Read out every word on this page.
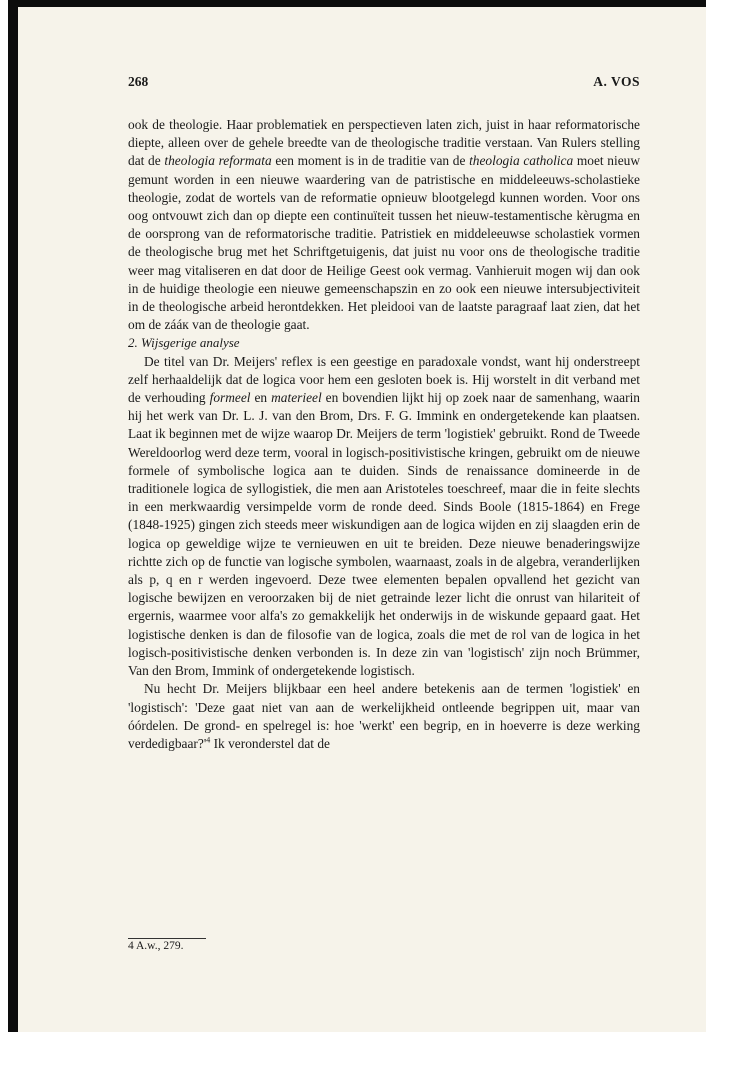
268	A. VOS

ook de theologie. Haar problematiek en perspectieven laten zich, juist in haar reformatorische diepte, alleen over de gehele breedte van de theologische traditie verstaan. Van Rulers stelling dat de theologia reformata een moment is in de traditie van de theologia catholica moet nieuw gemunt worden in een nieuwe waardering van de patristische en middeleeuws-scholastieke theologie, zodat de wortels van de reformatie opnieuw blootgelegd kunnen worden. Voor ons oog ontvouwt zich dan op diepte een continuïteit tussen het nieuw-testamentische kèrugma en de oorsprong van de reformatorische traditie. Patristiek en middeleeuwse scholastiek vormen de theologische brug met het Schriftgetuigenis, dat juist nu voor ons de theologische traditie weer mag vitaliseren en dat door de Heilige Geest ook vermag. Vanhieruit mogen wij dan ook in de huidige theologie een nieuwe gemeenschapszin en zo ook een nieuwe intersubjectiviteit in de theologische arbeid herontdekken. Het pleidooi van de laatste paragraaf laat zien, dat het om de zááк van de theologie gaat.

2. Wijsgerige analyse

De titel van Dr. Meijers' reflex is een geestige en paradoxale vondst, want hij onderstreept zelf herhaaldelijk dat de logica voor hem een gesloten boek is. Hij worstelt in dit verband met de verhouding formeel en materieel en bovendien lijkt hij op zoek naar de samenhang, waarin hij het werk van Dr. L. J. van den Brom, Drs. F. G. Immink en ondergetekende kan plaatsen. Laat ik beginnen met de wijze waarop Dr. Meijers de term 'logistiek' gebruikt. Rond de Tweede Wereldoorlog werd deze term, vooral in logisch-positivistische kringen, gebruikt om de nieuwe formele of symbolische logica aan te duiden. Sinds de renaissance domineerde in de traditionele logica de syllogistiek, die men aan Aristoteles toeschreef, maar die in feite slechts in een merkwaardig versimpelde vorm de ronde deed. Sinds Boole (1815-1864) en Frege (1848-1925) gingen zich steeds meer wiskundigen aan de logica wijden en zij slaagden erin de logica op geweldige wijze te vernieuwen en uit te breiden. Deze nieuwe benaderingswijze richtte zich op de functie van logische symbolen, waarnaast, zoals in de algebra, veranderlijken als p, q en r werden ingevoerd. Deze twee elementen bepalen opvallend het gezicht van logische bewijzen en veroorzaken bij de niet getrainde lezer licht die onrust van hilariteit of ergernis, waarmee voor alfa's zo gemakkelijk het onderwijs in de wiskunde gepaard gaat. Het logistische denken is dan de filosofie van de logica, zoals die met de rol van de logica in het logisch-positivistische denken verbonden is. In deze zin van 'logistisch' zijn noch Brümmer, Van den Brom, Immink of ondergetekende logistisch.

Nu hecht Dr. Meijers blijkbaar een heel andere betekenis aan de termen 'logistiek' en 'logistisch': 'Deze gaat niet van aan de werkelijkheid ontleende begrippen uit, maar van óórdelen. De grond- en spelregel is: hoe 'werkt' een begrip, en in hoeverre is deze werking $verdedigbaar?'^4$ Ik veronderstel dat de

4 A.w., 279.
